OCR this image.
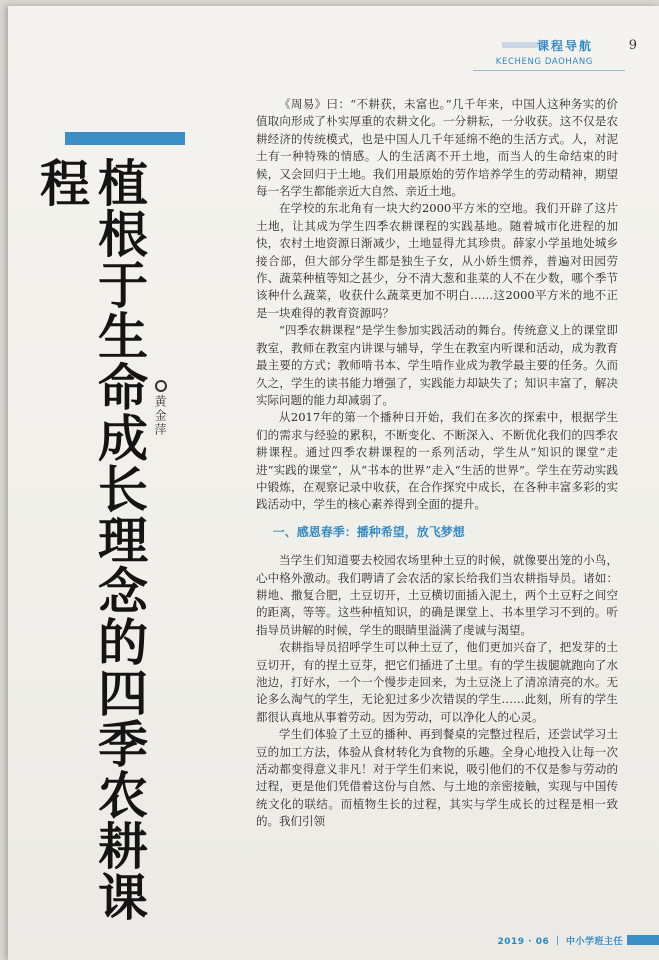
课程导航
KECHENG DAOHANG
9
植根于生命成长理念的四季农耕课程
黄金萍

《周易》曰：“不耕获，未富也。”几千年来，中国人这种务实的价值取向形成了朴实厚重的农耕文化。一分耕耘，一分收获。这不仅是农耕经济的传统模式，也是中国人几千年延绵不绝的生活方式。人，对泥土有一种特殊的情感。人的生活离不开土地，而当人的生命结束的时候，又会回归于土地。我们用最原始的劳作培养学生的劳动精神，期望每一名学生都能亲近大自然、亲近土地。

在学校的东北角有一块大约2000平方米的空地。我们开辟了这片土地，让其成为学生四季农耕课程的实践基地。随着城市化进程的加快，农村土地资源日渐减少，土地显得尤其珍贵。薛家小学虽地处城乡接合部，但大部分学生都是独生子女，从小娇生惯养，普遍对田园劳作、蔬菜种植等知之甚少，分不清大葱和韭菜的人不在少数，哪个季节该种什么蔬菜，收获什么蔬菜更加不明白……这2000平方米的地不正是一块难得的教育资源吗？

“四季农耕课程”是学生参加实践活动的舞台。传统意义上的课堂即教室，教师在教室内讲课与辅导，学生在教室内听课和活动，成为教育最主要的方式；教师啃书本、学生啃作业成为教学最主要的任务。久而久之，学生的读书能力增强了，实践能力却缺失了；知识丰富了，解决实际问题的能力却减弱了。

从2017年的第一个播种日开始，我们在多次的探索中，根据学生们的需求与经验的累积，不断变化、不断深入、不断优化我们的四季农耕课程。通过四季农耕课程的一系列活动，学生从“知识的课堂”走进“实践的课堂”，从“书本的世界”走入“生活的世界”。学生在劳动实践中锻炼，在观察记录中收获，在合作探究中成长，在各种丰富多彩的实践活动中，学生的核心素养得到全面的提升。

一、感恩春季：播种希望，放飞梦想

当学生们知道要去校园农场里种土豆的时候，就像要出笼的小鸟，心中格外激动。我们聘请了会农活的家长给我们当农耕指导员。诸如：耕地、撒复合肥，土豆切开，土豆横切面插入泥土，两个土豆籽之间空的距离，等等。这些种植知识，的确是课堂上、书本里学习不到的。听指导员讲解的时候，学生的眼睛里溢满了虔诚与渴望。

农耕指导员招呼学生可以种土豆了，他们更加兴奋了，把发芽的土豆切开，有的捏土豆芽，把它们插进了土里。有的学生拔腿就跑向了水池边，打好水，一个一个慢步走回来，为土豆浇上了清凉清亮的水。无论多么淘气的学生，无论犯过多少次错误的学生……此刻，所有的学生都很认真地从事着劳动。因为劳动，可以净化人的心灵。

学生们体验了土豆的播种、再到餐桌的完整过程后，还尝试学习土豆的加工方法，体验从食材转化为食物的乐趣。全身心地投入让每一次活动都变得意义非凡！对于学生们来说，吸引他们的不仅是参与劳动的过程，更是他们凭借着这份与自然、与土地的亲密接触，实现与中国传统文化的联结。而植物生长的过程，其实与学生成长的过程是相一致的。我们引领

2019 · 06 ｜ 中小学班主任
